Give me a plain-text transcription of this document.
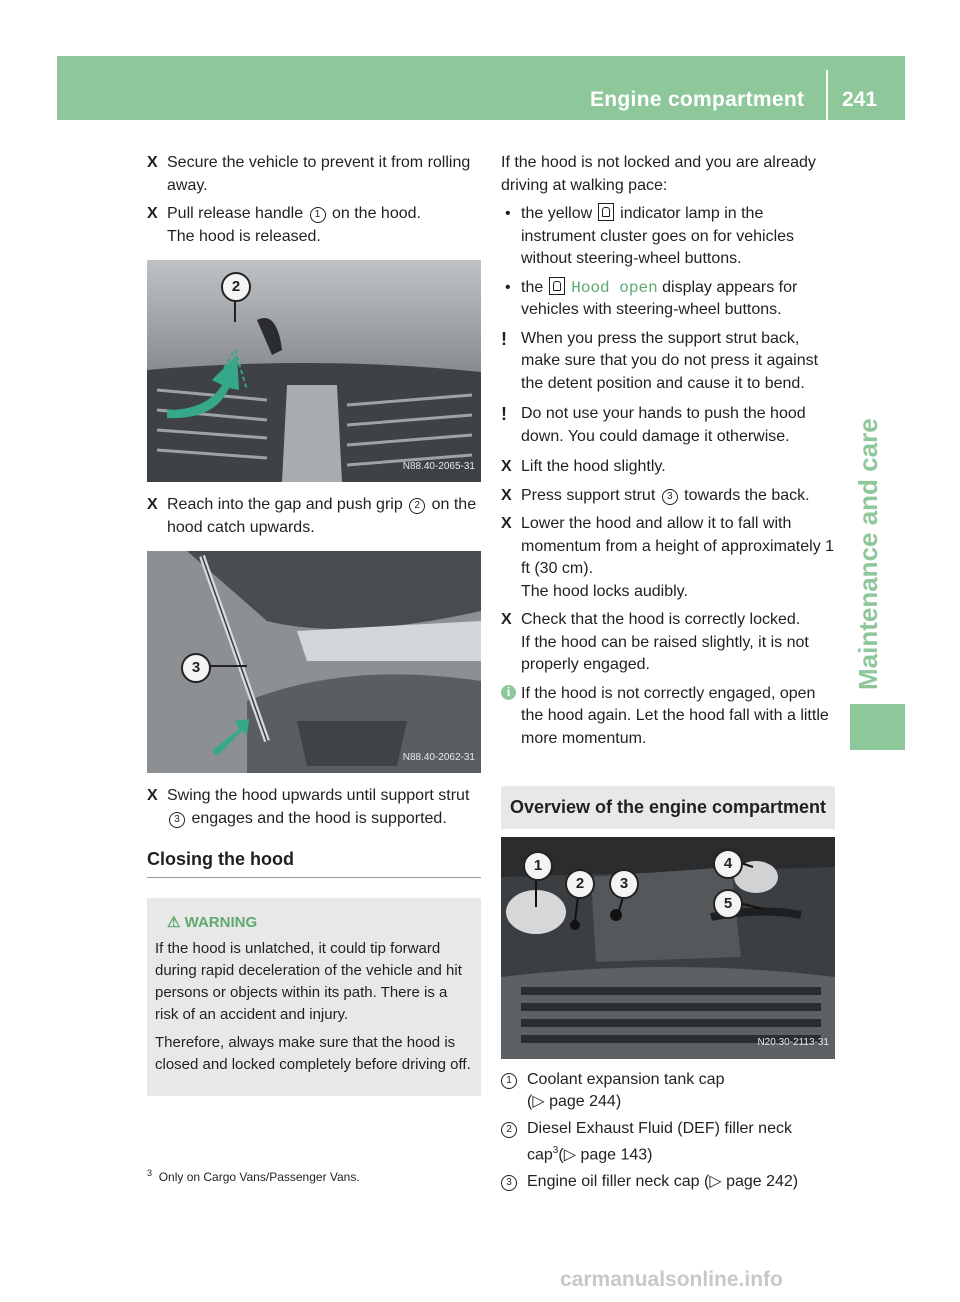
Engine compartment 241
Maintenance and care
X Secure the vehicle to prevent it from rolling away.
X Pull release handle 1 on the hood.

The hood is released.

2
N88.40-2065-31
X Reach into the gap and push grip 2 on the hood catch upwards.
3
N88.40-2062-31
X Swing the hood upwards until support strut 3 engages and the hood is supported.
Closing the hood
⚠︎ WARNING

If the hood is unlatched, it could tip forward during rapid deceleration of the vehicle and hit persons or objects within its path. There is a risk of an accident and injury.

Therefore, always make sure that the hood is closed and locked completely before driving off.

If the hood is not locked and you are already driving at walking pace:

• the yellow indicator lamp in the instrument cluster goes on for vehicles without steering-wheel buttons.
• the Hood open display appears for vehicles with steering-wheel buttons.
! When you press the support strut back, make sure that you do not press it against the detent position and cause it to bend.
! Do not use your hands to push the hood down. You could damage it otherwise.
X Lift the hood slightly.
X Press support strut 3 towards the back.
X Lower the hood and allow it to fall with momentum from a height of approximately 1 ft (30 cm).

The hood locks audibly.

X Check that the hood is correctly locked.

If the hood can be raised slightly, it is not properly engaged.

i If the hood is not correctly engaged, open the hood again. Let the hood fall with a little more momentum.
Overview of the engine compartment
1
2	3
4
5
N20.30-2113-31
1 Coolant expansion tank cap
(▷ page 244)
2 Diesel Exhaust Fluid (DEF) filler neck cap$^3$(▷ page 143)
3 Engine oil filler neck cap (▷ page 242)
$^3$ Only on Cargo Vans/Passenger Vans.
carmanualsonline.info
